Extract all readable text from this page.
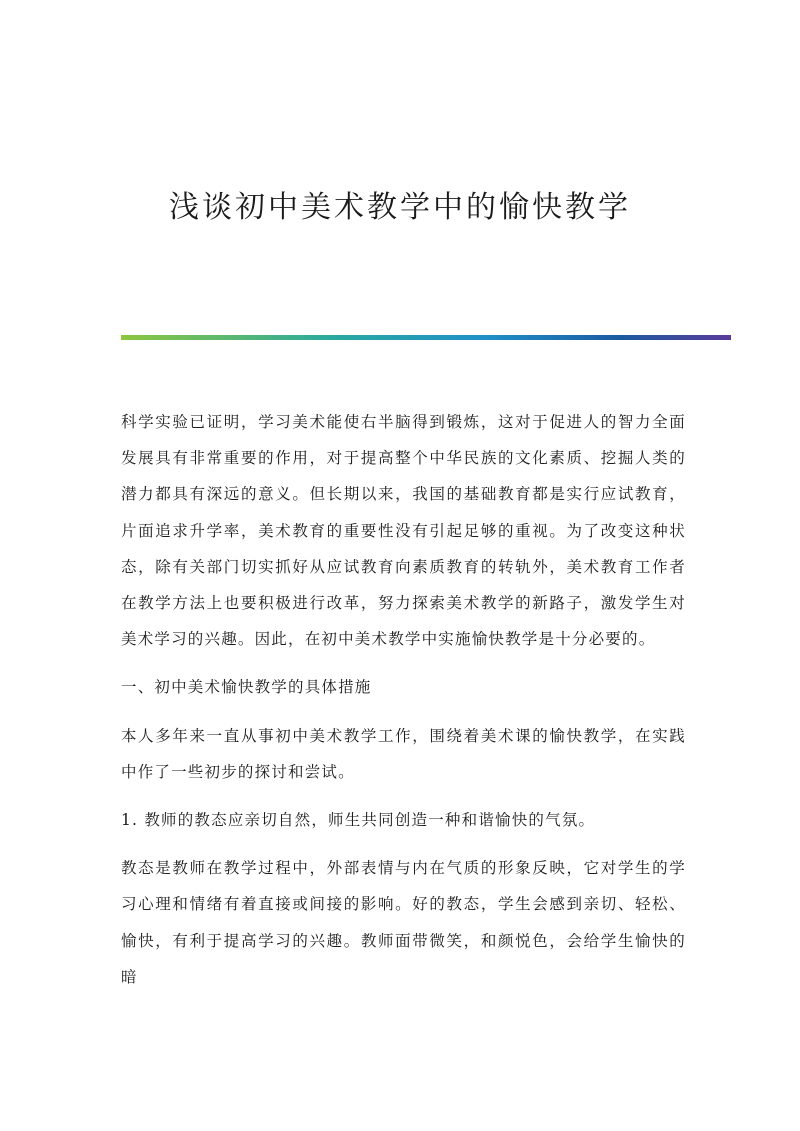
浅谈初中美术教学中的愉快教学

科学实验已证明，学习美术能使右半脑得到锻炼，这对于促进人的智力全面发展具有非常重要的作用，对于提高整个中华民族的文化素质、挖掘人类的潜力都具有深远的意义。但长期以来，我国的基础教育都是实行应试教育，片面追求升学率，美术教育的重要性没有引起足够的重视。为了改变这种状态，除有关部门切实抓好从应试教育向素质教育的转轨外，美术教育工作者在教学方法上也要积极进行改革，努力探索美术教学的新路子，激发学生对美术学习的兴趣。因此，在初中美术教学中实施愉快教学是十分必要的。

一、初中美术愉快教学的具体措施

本人多年来一直从事初中美术教学工作，围绕着美术课的愉快教学，在实践中作了一些初步的探讨和尝试。

1. 教师的教态应亲切自然，师生共同创造一种和谐愉快的气氛。

教态是教师在教学过程中，外部表情与内在气质的形象反映，它对学生的学习心理和情绪有着直接或间接的影响。好的教态，学生会感到亲切、轻松、愉快，有利于提高学习的兴趣。教师面带微笑，和颜悦色，会给学生愉快的暗
